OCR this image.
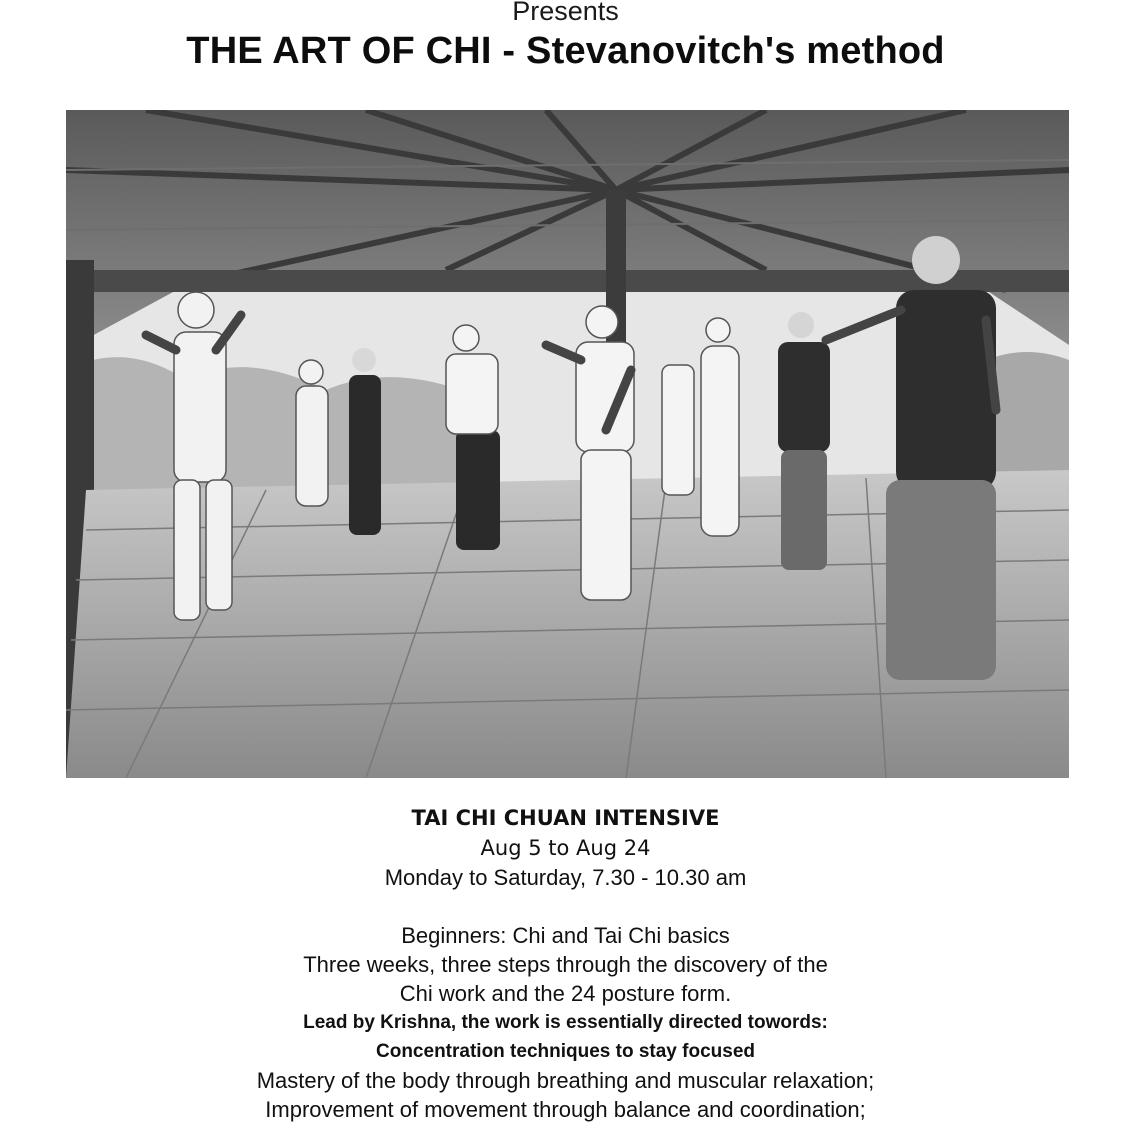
Presents
THE ART OF CHI - Stevanovitch's method
TAI CHI CHUAN INTENSIVE
Aug 5 to Aug 24
Monday to Saturday, 7.30 - 10.30 am
Beginners: Chi and Tai Chi basics
Three weeks, three steps through the discovery of the
Chi work and the 24 posture form.
Lead by Krishna, the work is essentially directed towords:
Concentration techniques to stay focused
Mastery of the body through breathing and muscular relaxation;
Improvement of movement through balance and coordination;
